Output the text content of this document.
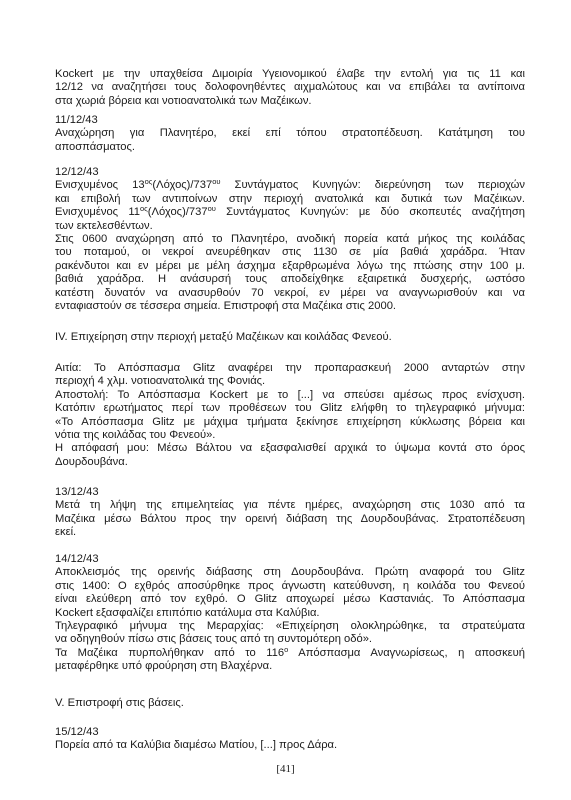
Kockert με την υπαχθείσα Διμοιρία Υγειονομικού έλαβε την εντολή για τις 11 και
12/12 να αναζητήσει τους δολοφονηθέντες αιχμαλώτους και να επιβάλει τα αντίποινα
στα χωριά βόρεια και νοτιοανατολικά των Μαζέικων.
11/12/43
Αναχώρηση για Πλανητέρο, εκεί επί τόπου στρατοπέδευση. Κατάτμηση του
αποσπάσματος.
12/12/43
Ενισχυμένος $13^{o\varsigma}(\Lambda ό\chi o\varsigma)/737^{o\upsilon}$ Συντάγματος Κυνηγών: διερεύνηση των περιοχών
και επιβολή των αντιποίνων στην περιοχή ανατολικά και δυτικά των Μαζέικων.
Ενισχυμένος $11^{o\varsigma}(\Lambda ό\chi o\varsigma)/737^{o\upsilon}$ Συντάγματος Κυνηγών: με δύο σκοπευτές αναζήτηση
των εκτελεσθέντων.
Στις 0600 αναχώρηση από το Πλανητέρο, ανοδική πορεία κατά μήκος της κοιλάδας
του ποταμού, οι νεκροί ανευρέθηκαν στις 1130 σε μία βαθιά χαράδρα. Ήταν
ρακένδυτοι και εν μέρει με μέλη άσχημα εξαρθρωμένα λόγω της πτώσης στην 100 μ.
βαθιά χαράδρα. Η ανάσυρσή τους αποδείχθηκε εξαιρετικά δυσχερής, ωστόσο
κατέστη δυνατόν να ανασυρθούν 70 νεκροί, εν μέρει να αναγνωρισθούν και να
ενταφιαστούν σε τέσσερα σημεία. Επιστροφή στα Μαζέικα στις 2000.
IV. Επιχείρηση στην περιοχή μεταξύ Μαζέικων και κοιλάδας Φενεού.
Αιτία: Το Απόσπασμα Glitz αναφέρει την προπαρασκευή 2000 ανταρτών στην
περιοχή 4 χλμ. νοτιοανατολικά της Φονιάς.
Αποστολή: Το Απόσπασμα Kockert με το [...] να σπεύσει αμέσως προς ενίσχυση.
Κατόπιν ερωτήματος περί των προθέσεων του Glitz ελήφθη το τηλεγραφικό μήνυμα:
«Το Απόσπασμα Glitz με μάχιμα τμήματα ξεκίνησε επιχείρηση κύκλωσης βόρεια και
νότια της κοιλάδας του Φενεού».
Η απόφασή μου: Μέσω Βάλτου να εξασφαλισθεί αρχικά το ύψωμα κοντά στο όρος
Δουρδουβάνα.
13/12/43
Μετά τη λήψη της επιμελητείας για πέντε ημέρες, αναχώρηση στις 1030 από τα
Μαζέικα μέσω Βάλτου προς την ορεινή διάβαση της Δουρδουβάνας. Στρατοπέδευση
εκεί.
14/12/43
Αποκλεισμός της ορεινής διάβασης στη Δουρδουβάνα. Πρώτη αναφορά του Glitz
στις 1400: Ο εχθρός αποσύρθηκε προς άγνωστη κατεύθυνση, η κοιλάδα του Φενεού
είναι ελεύθερη από τον εχθρό. Ο Glitz αποχωρεί μέσω Καστανιάς. Το Απόσπασμα
Kockert εξασφαλίζει επιπόπιο κατάλυμα στα Καλύβια.
Τηλεγραφικό μήνυμα της Μεραρχίας: «Επιχείρηση ολοκληρώθηκε, τα στρατεύματα
να οδηγηθούν πίσω στις βάσεις τους από τη συντομότερη οδό».
Τα Μαζέικα πυρπολήθηκαν από το $116^o$ Απόσπασμα Αναγνωρίσεως, η αποσκευή
μεταφέρθηκε υπό φρούρηση στη Βλαχέρνα.
V. Επιστροφή στις βάσεις.
15/12/43
Πορεία από τα Καλύβια διαμέσω Ματίου, [...] προς Δάρα.
[41]
